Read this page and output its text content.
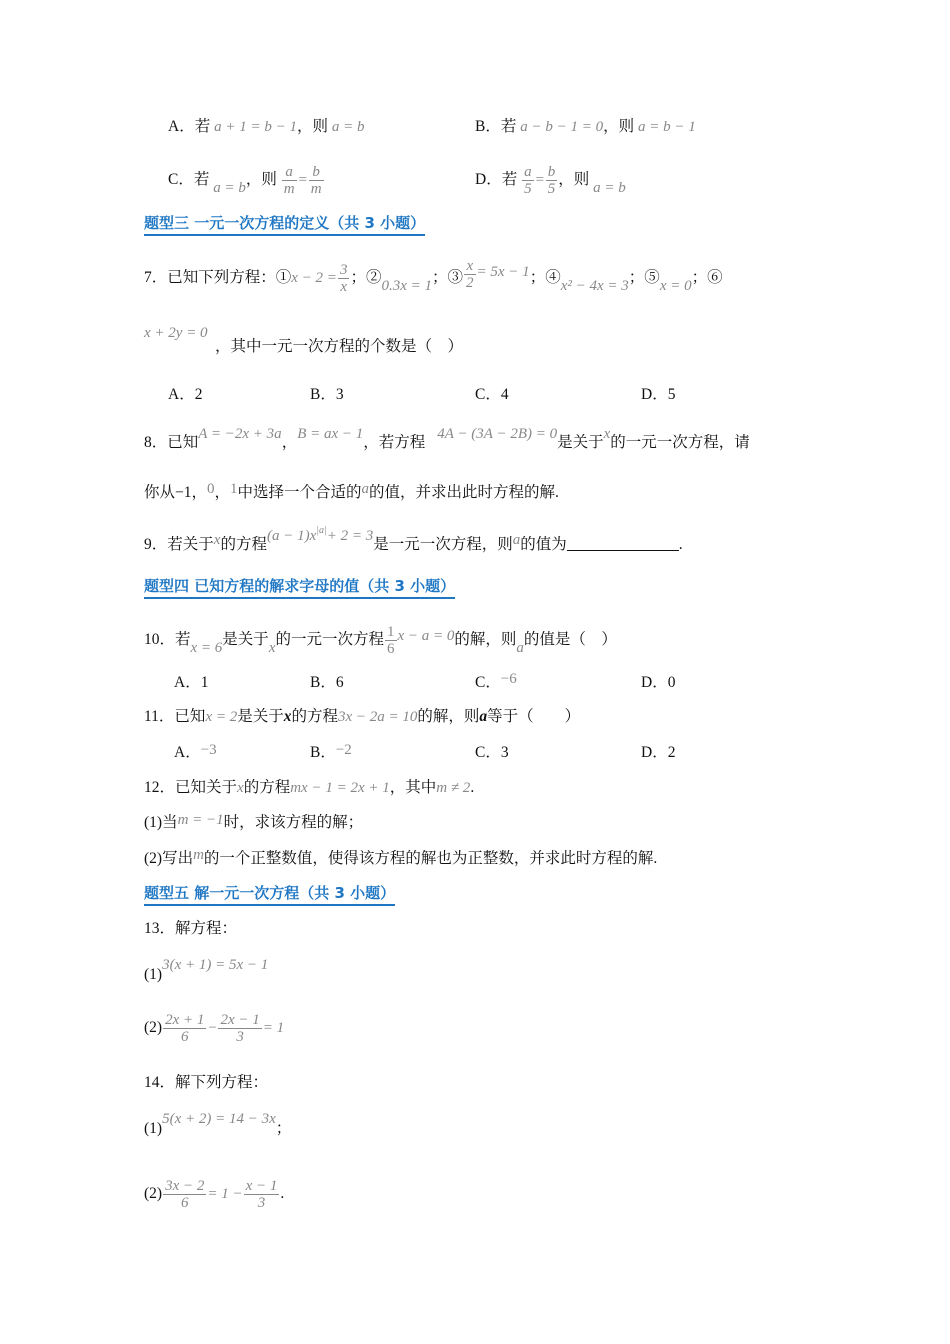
A．若 a + 1 = b − 1，则 a = b	B．若 a − b − 1 = 0，则 a = b − 1
C．若 a = b，则 $\frac{a}{m} = \frac{b}{m}$	D．若 $\frac{a}{5} = \frac{b}{5}$ ，则 a = b
题型三 一元一次方程的定义（共 3 小题）
7．已知下列方程：①x − $2 = \frac{3}{x}$ ；②0.3x = 1；③ $\frac{x}{2} = 5x - 1$；④x² − 4x = 3；⑤x = 0；⑥
x + 2y = 0
，其中一元一次方程的个数是（　）
A．2	B．3	C．4	D．5
8．已知A = −2x + 3a，B = ax − 1，若方程 4A − (3A − 2B) = 0是关于x的一元一次方程，请
你从−1，0，1中选择一个合适的a的值，并求出此时方程的解.
9．若关于x的方程$(a - 1)x^{|a|}+ 2 = 3$是一元一次方程，则a的值为	.
题型四 已知方程的解求字母的值（共 3 小题）
10．若x = 6是关于x的一元一次方程 $\frac{1}{6}$ x − a = 0的解，则a的值是（　）
A．1	B．6	C．−6	D．0
11．已知x = 2是关于x的方程3x − 2a = 10的解，则a等于（　　）
A．−3	B．−2	C．3	D．2
12．已知关于x的方程mx − 1 = 2x + 1，其中m ≠ 2.
(1)当m = −1时，求该方程的解；
(2)写出m的一个正整数值，使得该方程的解也为正整数，并求此时方程的解.
题型五 解一元一次方程（共 3 小题）
13．解方程：
(1)3(x + 1) = 5x − 1
$(2) \frac{2x + 1}{6} - \frac{2x - 1}{3} = 1$
14．解下列方程：
(1)5(x + 2) = 14 − 3x；
$(2) \frac{3x - 2}{6} = 1 - \frac{x - 1}{3}$ .
